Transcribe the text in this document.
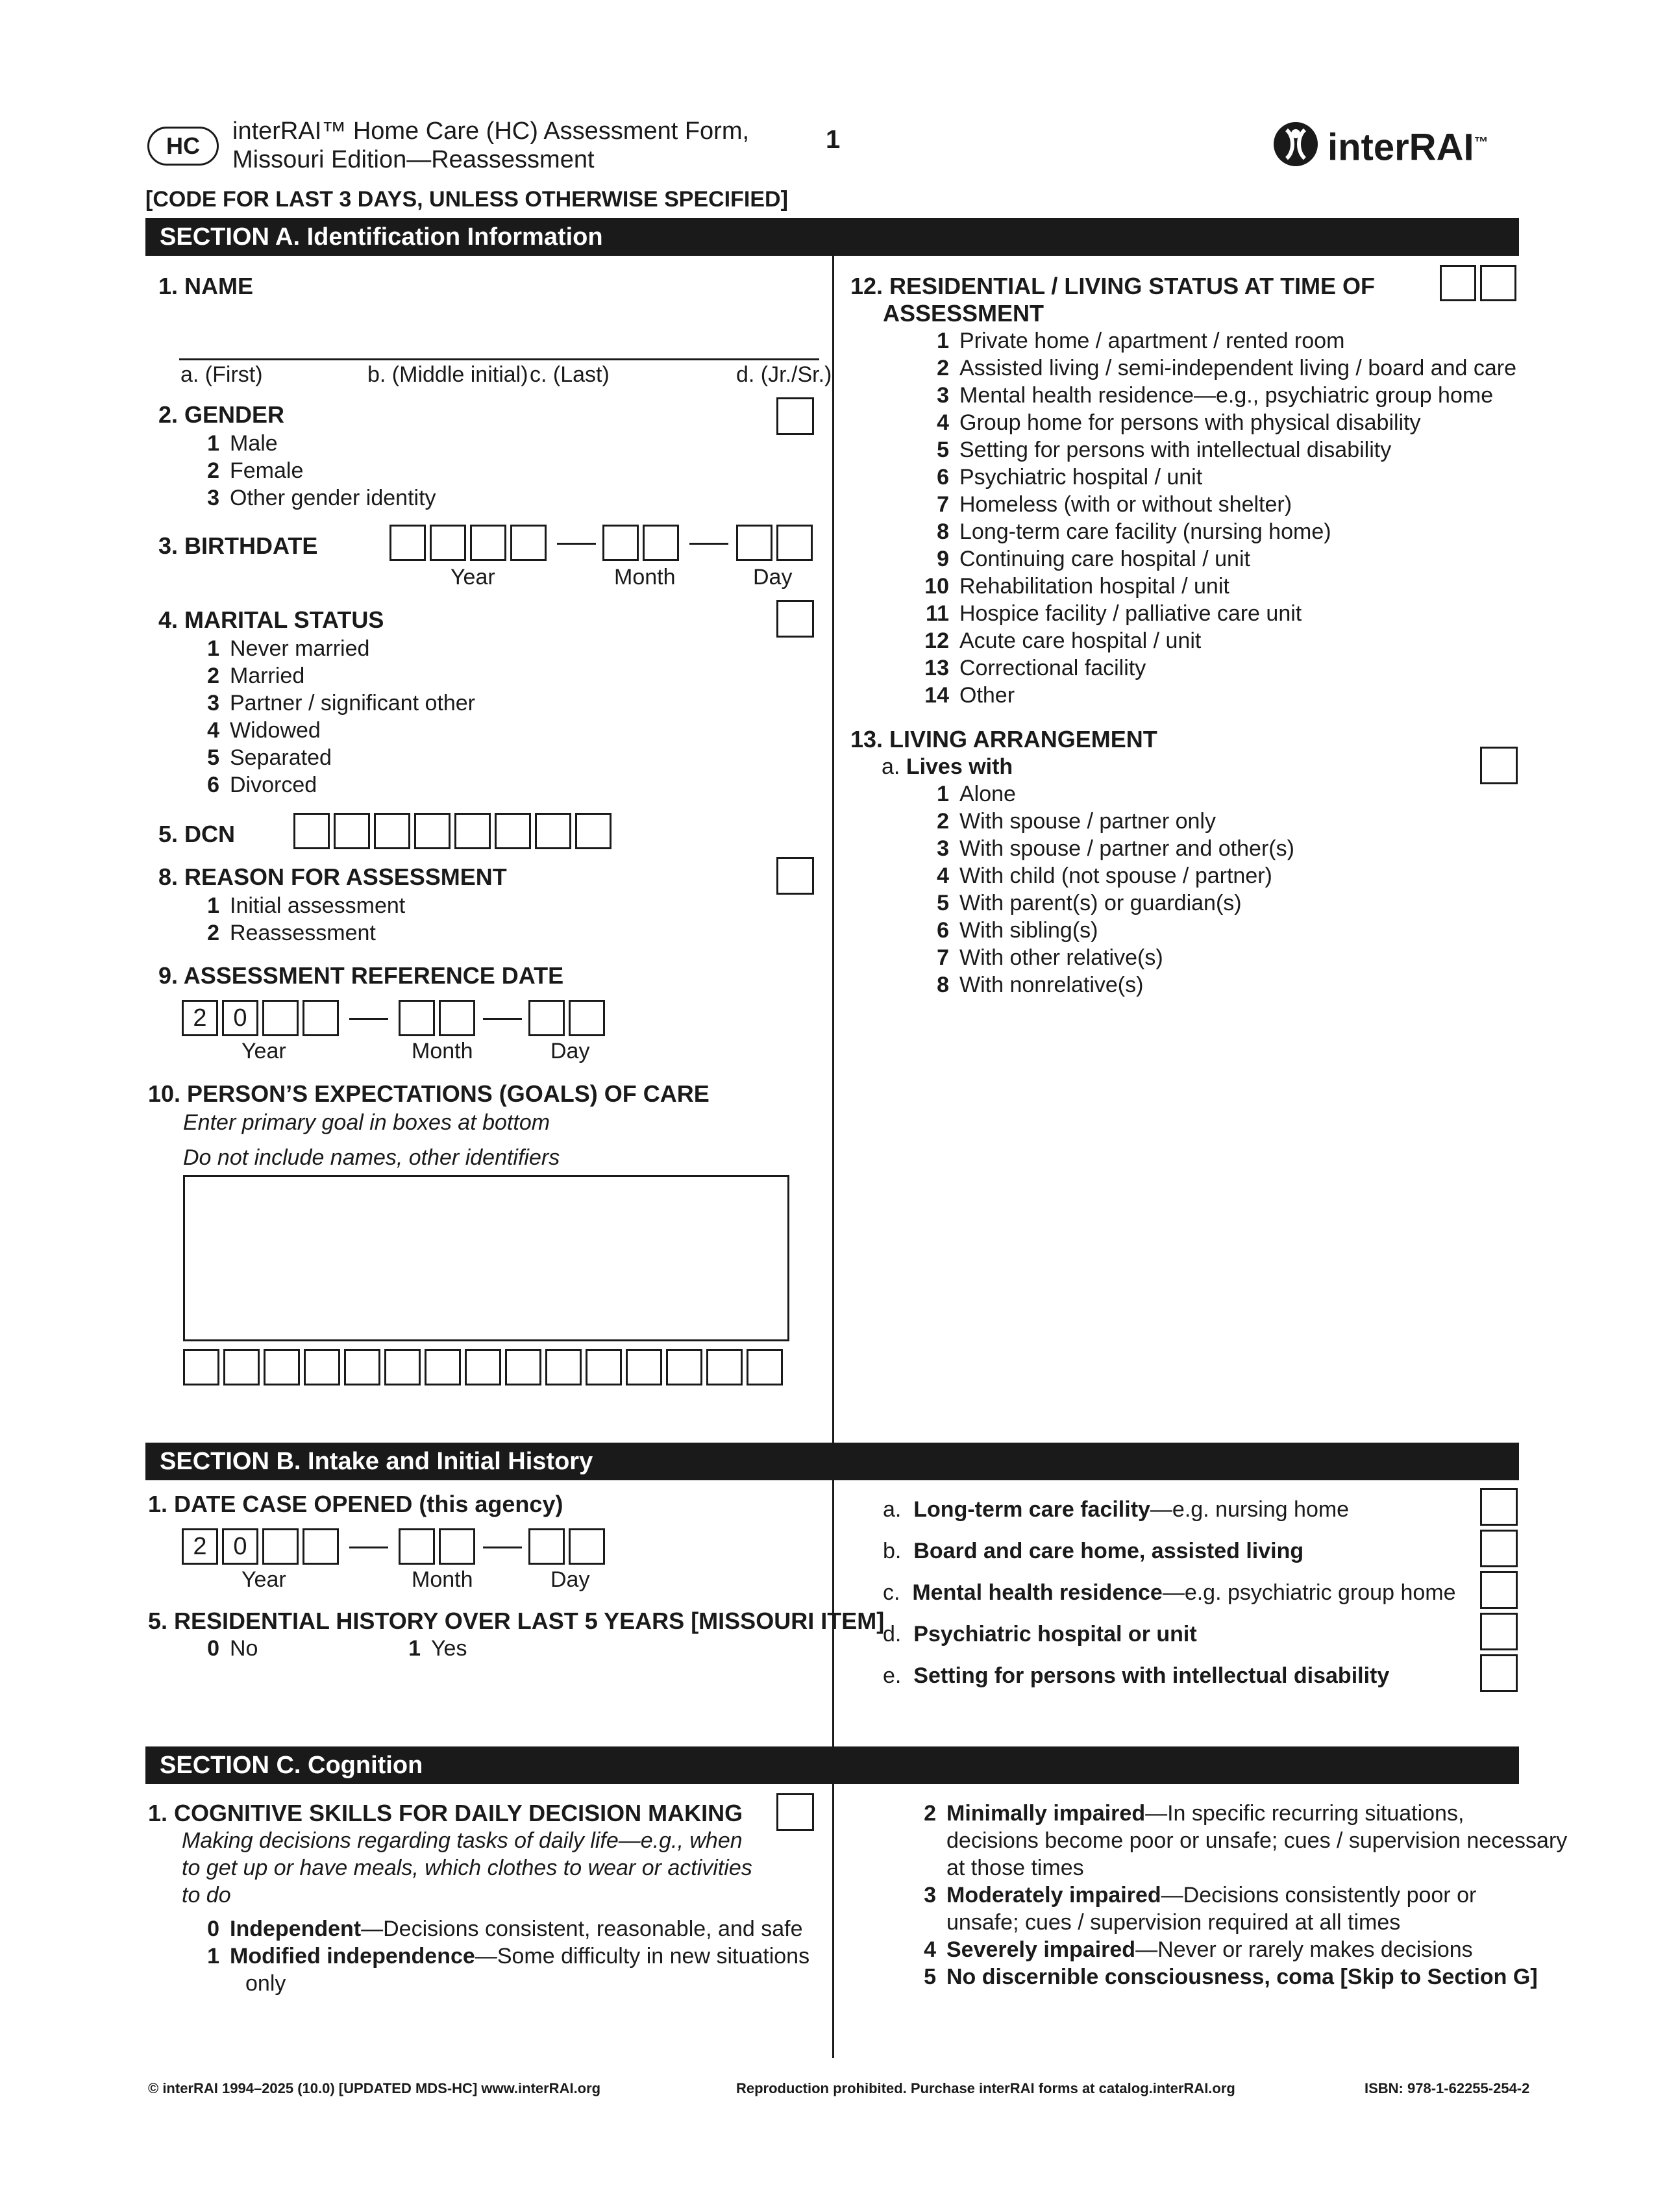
HC
interRAI™ Home Care (HC) Assessment Form,
Missouri Edition—Reassessment
1	interRAI™
[CODE FOR LAST 3 DAYS, UNLESS OTHERWISE SPECIFIED]
SECTION A. Identification Information
1. NAME
a. (First)	b. (Middle initial) c. (Last)	d. (Jr./Sr.)
2. GENDER
1 Male
2 Female
3 Other gender identity
3. BIRTHDATE
Year	Month	Day
4. MARITAL STATUS
1 Never married
2 Married
3 Partner / significant other
4 Widowed
5 Separated
6 Divorced
5. DCN
8. REASON FOR ASSESSMENT
1 Initial assessment
2 Reassessment
9. ASSESSMENT REFERENCE DATE
2	0
Year	Month	Day
10. PERSON’S EXPECTATIONS (GOALS) OF CARE
Enter primary goal in boxes at bottom
Do not include names, other identifiers
12. RESIDENTIAL / LIVING STATUS AT TIME OF
ASSESSMENT
1 Private home / apartment / rented room
2 Assisted living / semi-independent living / board and care
3 Mental health residence—e.g., psychiatric group home
4 Group home for persons with physical disability
5 Setting for persons with intellectual disability
6 Psychiatric hospital / unit
7 Homeless (with or without shelter)
8 Long-term care facility (nursing home)
9 Continuing care hospital / unit
10 Rehabilitation hospital / unit
11 Hospice facility / palliative care unit
12 Acute care hospital / unit
13 Correctional facility
14 Other
13. LIVING ARRANGEMENT
a. Lives with
1 Alone
2 With spouse / partner only
3 With spouse / partner and other(s)
4 With child (not spouse / partner)
5 With parent(s) or guardian(s)
6 With sibling(s)
7 With other relative(s)
8 With nonrelative(s)
SECTION B. Intake and Initial History
1. DATE CASE OPENED (this agency)
2	0
Year	Month	Day
5. RESIDENTIAL HISTORY OVER LAST 5 YEARS [MISSOURI ITEM]
0 No	1 Yes
a. Long-term care facility—e.g. nursing home
b. Board and care home, assisted living
c. Mental health residence—e.g. psychiatric group home
d. Psychiatric hospital or unit
e. Setting for persons with intellectual disability
SECTION C. Cognition
1. COGNITIVE SKILLS FOR DAILY DECISION MAKING
Making decisions regarding tasks of daily life—e.g., when
to get up or have meals, which clothes to wear or activities
to do
0 Independent—Decisions consistent, reasonable, and safe
1 Modified independence—Some difficulty in new situations
only
2 Minimally impaired—In specific recurring situations,
decisions become poor or unsafe; cues / supervision necessary
at those times
3 Moderately impaired—Decisions consistently poor or
unsafe; cues / supervision required at all times
4 Severely impaired—Never or rarely makes decisions
5 No discernible consciousness, coma [Skip to Section G]
© interRAI 1994–2025 (10.0) [UPDATED MDS-HC] www.interRAI.org	Reproduction prohibited. Purchase interRAI forms at catalog.interRAI.org	ISBN: 978-1-62255-254-2
